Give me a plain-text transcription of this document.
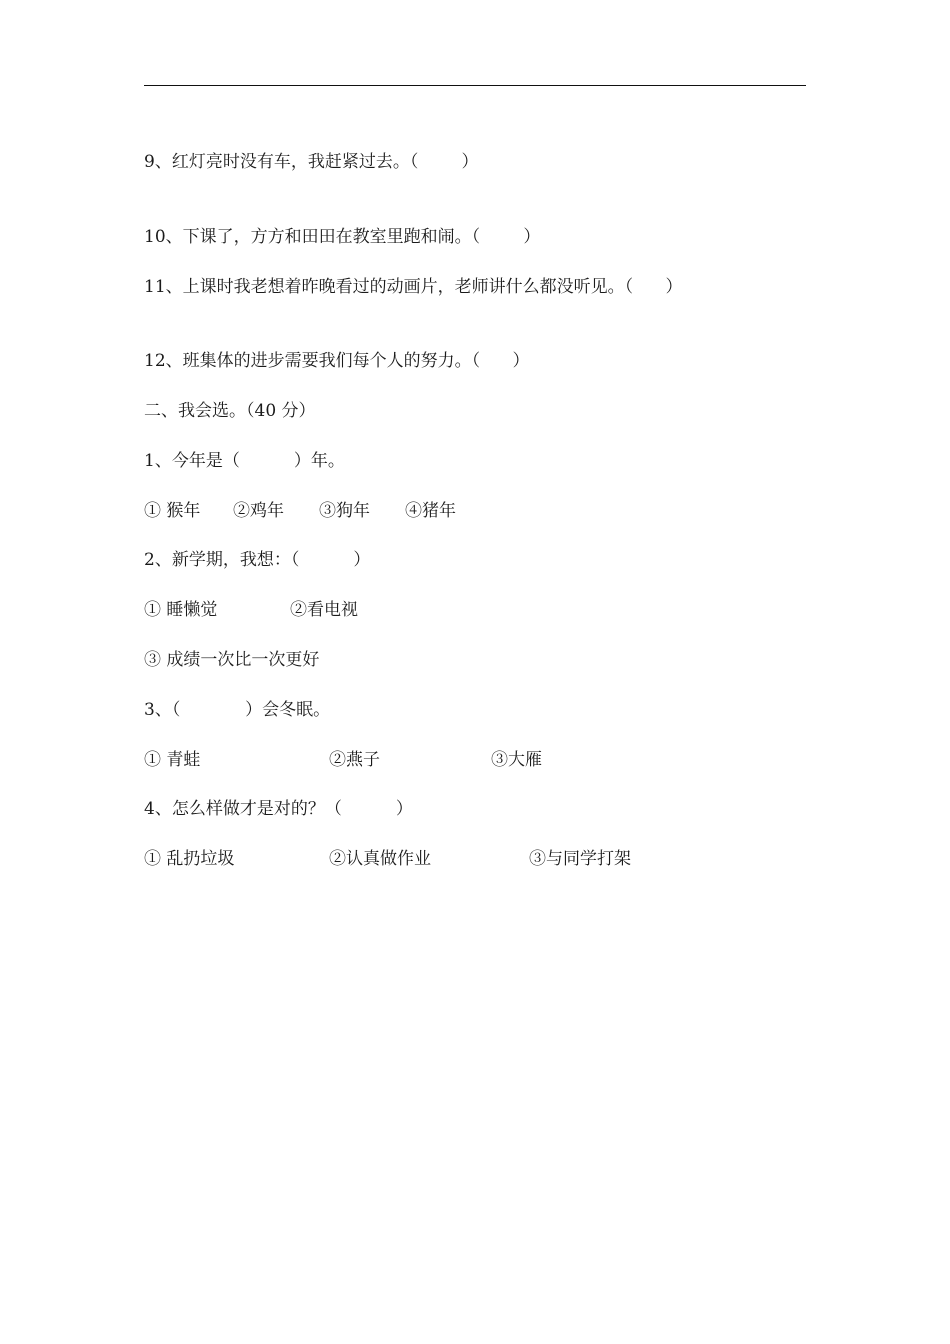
9、红灯亮时没有车，我赶紧过去。（        ）
10、下课了，方方和田田在教室里跑和闹。（        ）
11、上课时我老想着昨晚看过的动画片，老师讲什么都没听见。（      ）
12、班集体的进步需要我们每个人的努力。（      ）
二、我会选。（40 分）
1、今年是（          ）年。
① 猴年 ②鸡年 ③狗年 ④猪年
2、新学期，我想：（          ）
① 睡懒觉	②看电视
③ 成绩一次比一次更好
3、（            ）会冬眠。
① 青蛙	②燕子	③大雁
4、怎么样做才是对的？（          ）
① 乱扔垃圾	②认真做作业	③与同学打架
